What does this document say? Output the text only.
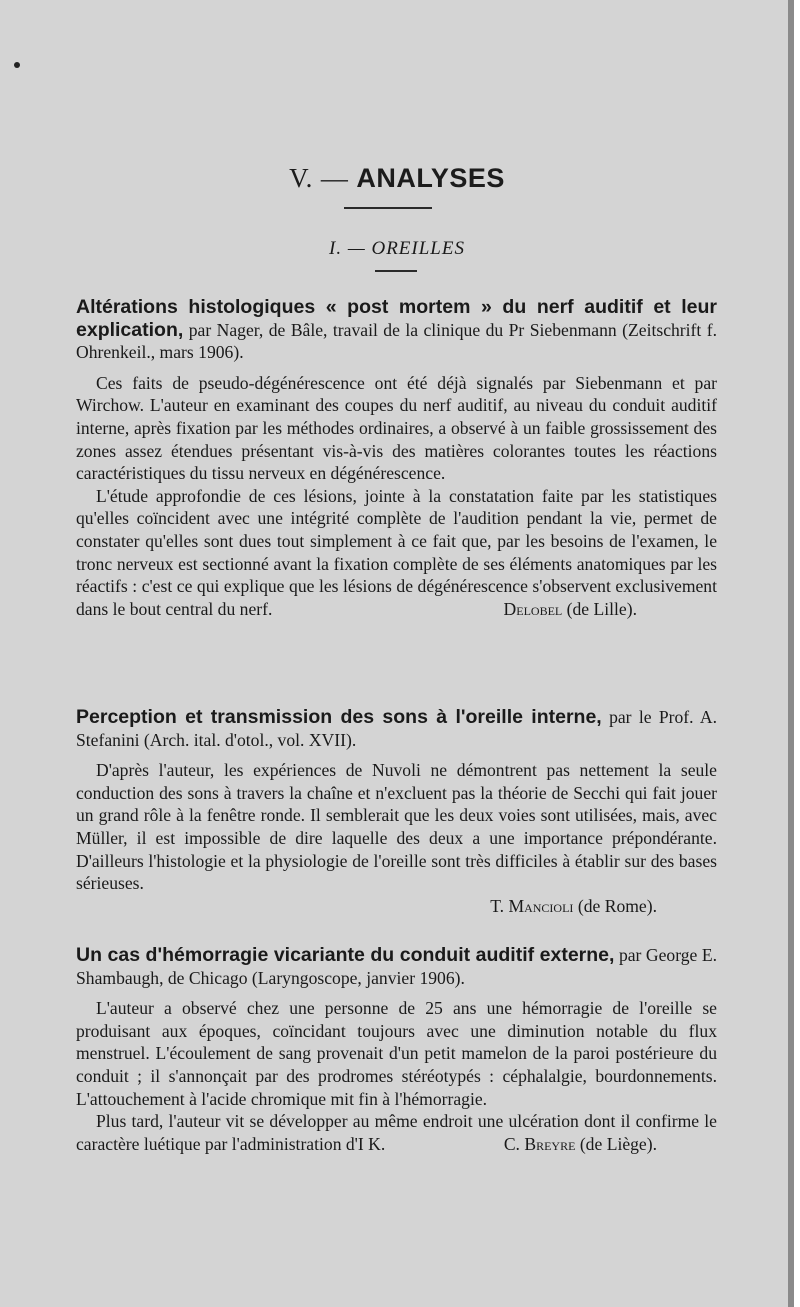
V. — ANALYSES
I. — OREILLES

Altérations histologiques « post mortem » du nerf auditif et leur explication, par Nager, de Bâle, travail de la clinique du Pr Siebenmann (Zeitschrift f. Ohrenkeil., mars 1906).

Ces faits de pseudo-dégénérescence ont été déjà signalés par Siebenmann et par Wirchow. L'auteur en examinant des coupes du nerf auditif, au niveau du conduit auditif interne, après fixation par les méthodes ordinaires, a observé à un faible grossissement des zones assez étendues présentant vis-à-vis des matières colorantes toutes les réactions caractéristiques du tissu nerveux en dégénérescence.

L'étude approfondie de ces lésions, jointe à la constatation faite par les statistiques qu'elles coïncident avec une intégrité complète de l'audition pendant la vie, permet de constater qu'elles sont dues tout simplement à ce fait que, par les besoins de l'examen, le tronc nerveux est sectionné avant la fixation complète de ses éléments anatomiques par les réactifs : c'est ce qui explique que les lésions de dégénérescence s'observent exclusivement dans le bout central du nerf.	Delobel (de Lille).

Perception et transmission des sons à l'oreille interne, par le Prof. A. Stefanini (Arch. ital. d'otol., vol. XVII).

D'après l'auteur, les expériences de Nuvoli ne démontrent pas nettement la seule conduction des sons à travers la chaîne et n'excluent pas la théorie de Secchi qui fait jouer un grand rôle à la fenêtre ronde. Il semblerait que les deux voies sont utilisées, mais, avec Müller, il est impossible de dire laquelle des deux a une importance prépondérante. D'ailleurs l'histologie et la physiologie de l'oreille sont très difficiles à établir sur des bases sérieuses.

T. Mancioli (de Rome).

Un cas d'hémorragie vicariante du conduit auditif externe, par George E. Shambaugh, de Chicago (Laryngoscope, janvier 1906).

L'auteur a observé chez une personne de 25 ans une hémorragie de l'oreille se produisant aux époques, coïncidant toujours avec une diminution notable du flux menstruel. L'écoulement de sang provenait d'un petit mamelon de la paroi postérieure du conduit ; il s'annonçait par des prodromes stéréotypés : céphalalgie, bourdonnements. L'attouchement à l'acide chromique mit fin à l'hémorragie.

Plus tard, l'auteur vit se développer au même endroit une ulcération dont il confirme le caractère luétique par l'administration d'I K.	C. Breyre (de Liège).
